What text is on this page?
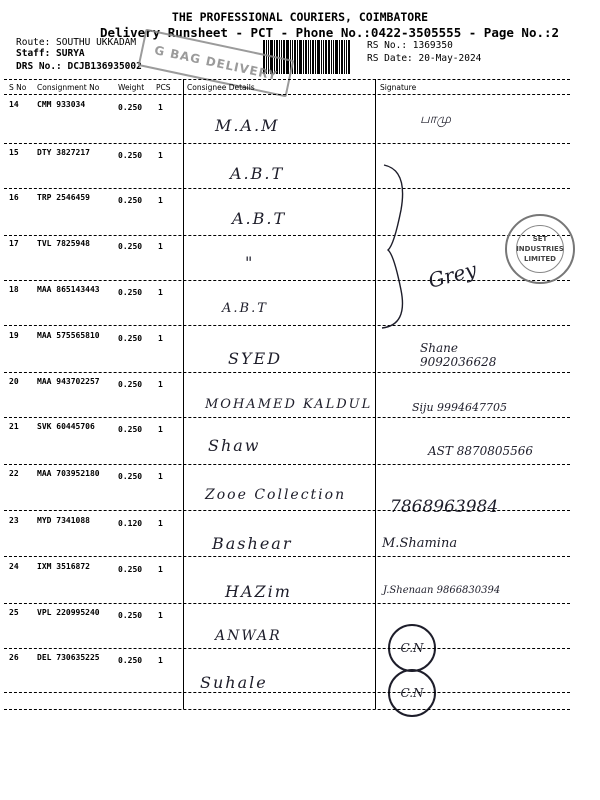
THE PROFESSIONAL COURIERS, COIMBATORE
Delivery Runsheet - PCT - Phone No.:0422-3505555 - Page No.:2
Route: SOUTHU UKKADAM
Staff: SURYA
DRS No.: DCJB136935002
RS No.: 1369350
RS Date: 20-May-2024
G BAG DELIVERY
S No Consignment No Weight PCS Consignee Details	Signature
14 CMM 933034	0.250 1
M.A.M	பாமு
15 DTY 3827217	0.250 1
A.B.T
16 TRP 2546459	0.250 1
A.B.T
17 TVL 7825948	0.250 1
"
18 MAA 865143443 0.250 1
A.B.T
Grey
19 MAA 575565810 0.250 1
SYED
Shane 9092036628
20 MAA 943702257 0.250 1
MOHAMED KALDUL	Siju 9994647705
21 SVK 60445706	0.250 1
Shaw	AST 8870805566
22 MAA 703952180 0.250 1
Zooe Collection
7868963984
23 MYD 7341088	0.120 1
Bashear	M.Shamina
24 IXM 3516872	0.250 1
HAZim	J.Shenaan 9866830394
25 VPL 220995240 0.250 1
ANWAR
C.N
26 DEL 730635225 0.250 1
Suhale
C.N
SET INDUSTRIES LIMITED
